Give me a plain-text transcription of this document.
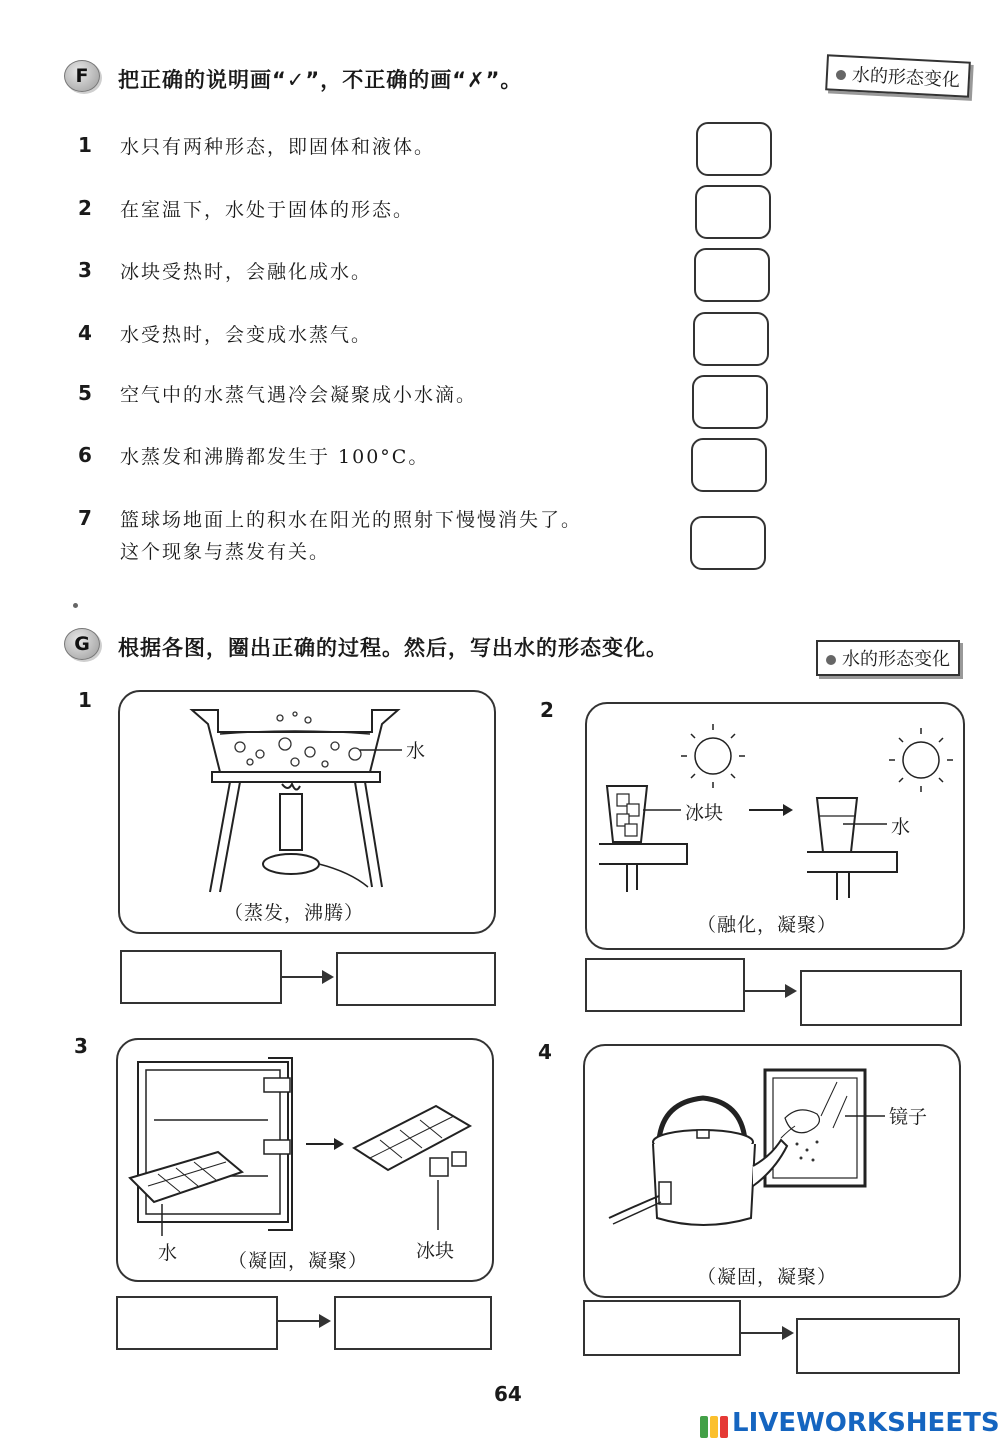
F	把正确的说明画“✓”，不正确的画“✗”。	水的形态变化
1	水只有两种形态，即固体和液体。
2	在室温下，水处于固体的形态。
3	冰块受热时，会融化成水。
4	水受热时，会变成水蒸气。
5	空气中的水蒸气遇冷会凝聚成小水滴。
6	水蒸发和沸腾都发生于 100°C。
7	篮球场地面上的积水在阳光的照射下慢慢消失了。
这个现象与蒸发有关。
G	根据各图，圈出正确的过程。然后，写出水的形态变化。	水的形态变化
1
水
（蒸发，沸腾）
2
冰块
水
（融化，凝聚）
3
水	（凝固，凝聚）	冰块
4
镜子
（凝固，凝聚）
64
LIVEWORKSHEETS
